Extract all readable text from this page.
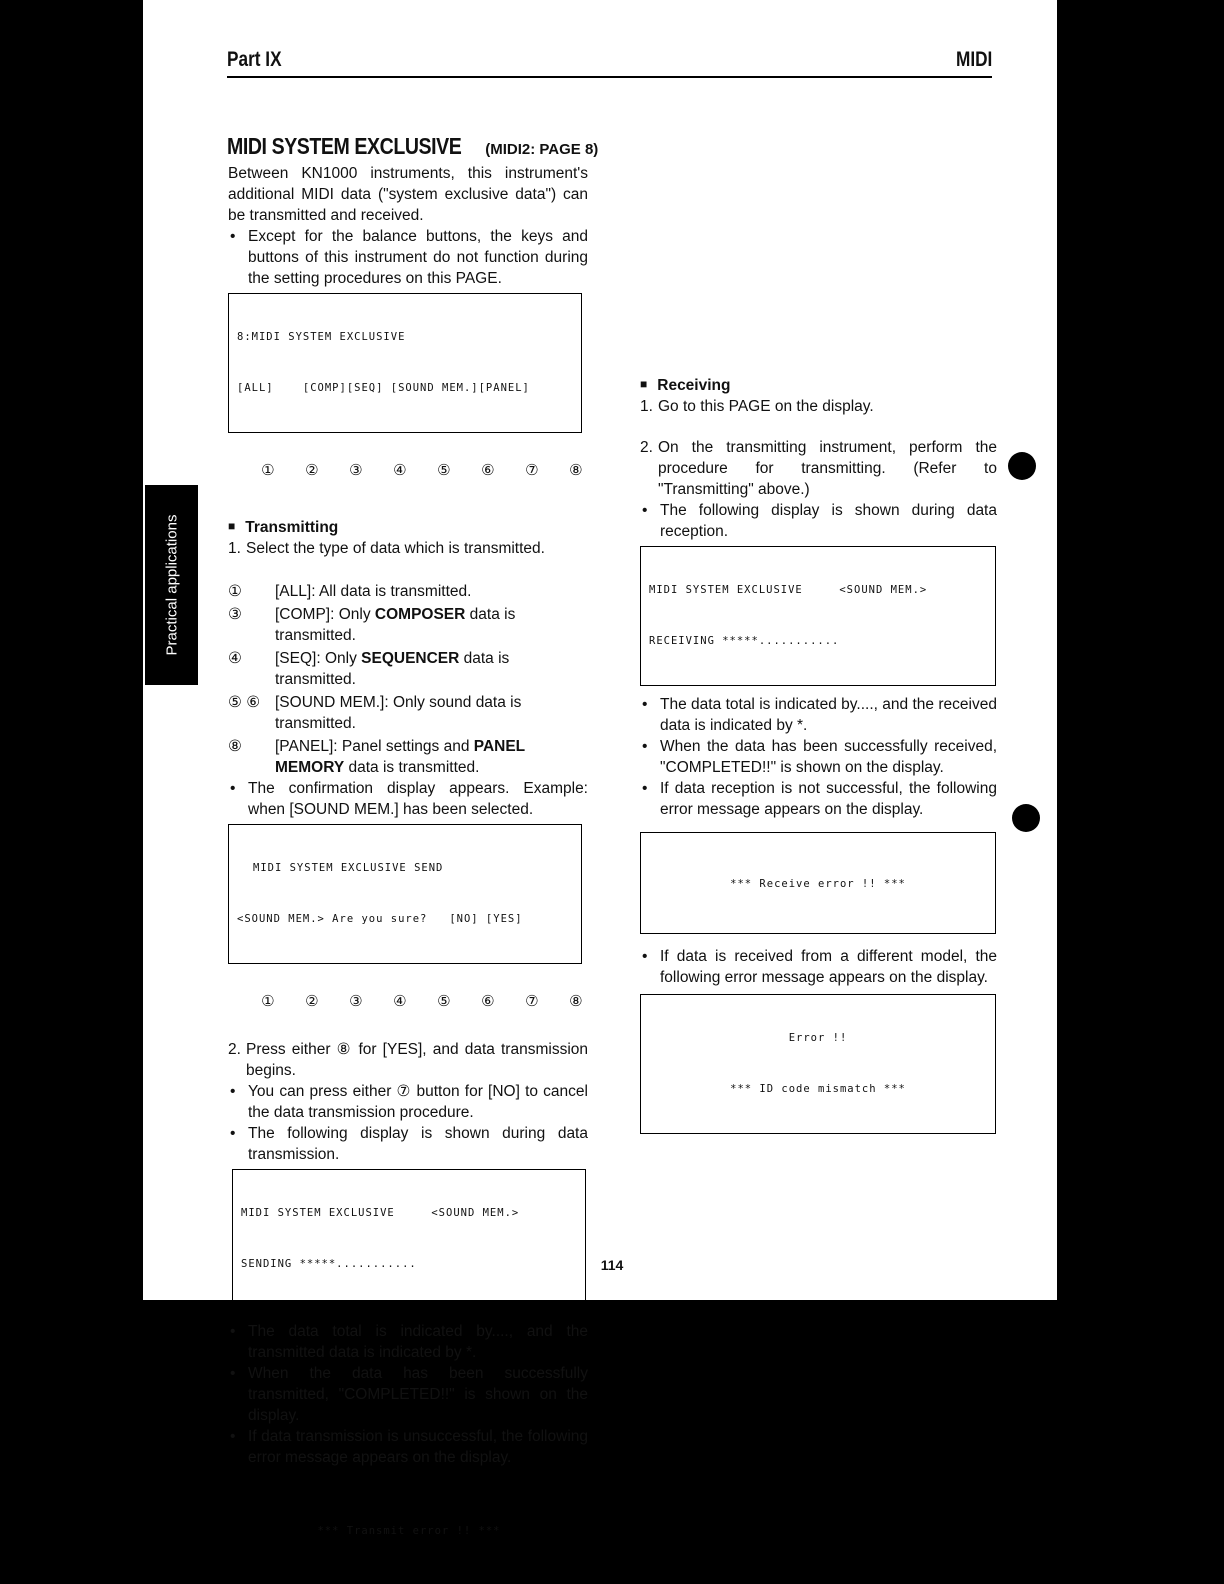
Practical applications
Part IX	MIDI
MIDI SYSTEM EXCLUSIVE (MIDI2: PAGE 8)

Between KN1000 instruments, this instrument's additional MIDI data ("system exclusive data") can be transmitted and received.

• Except for the balance buttons, the keys and buttons of this instrument do not function during the setting procedures on this PAGE.

8:MIDI SYSTEM EXCLUSIVE

[ALL]    [COMP][SEQ] [SOUND MEM.][PANEL]

① ② ③ ④ ⑤ ⑥ ⑦ ⑧

■ Transmitting

1. Select the type of data which is transmitted.

① [ALL]: All data is transmitted.

③ [COMP]: Only COMPOSER data is transmitted.

④ [SEQ]: Only SEQUENCER data is transmitted.

⑤ ⑥ [SOUND MEM.]: Only sound data is transmitted.

⑧ [PANEL]: Panel settings and PANEL MEMORY data is transmitted.

• The confirmation display appears. Example: when [SOUND MEM.] has been selected.

MIDI SYSTEM EXCLUSIVE SEND

<SOUND MEM.> Are you sure?   [NO] [YES]

① ② ③ ④ ⑤ ⑥ ⑦ ⑧

2. Press either ⑧ for [YES], and data transmission begins.

• You can press either ⑦ button for [NO] to cancel the data transmission procedure.

• The following display is shown during data transmission.

MIDI SYSTEM EXCLUSIVE     <SOUND MEM.>

SENDING *****...........

• The data total is indicated by...., and the transmitted data is indicated by *.

• When the data has been successfully transmitted, "COMPLETED!!" is shown on the display.

• If data transmission is unsuccessful, the following error message appears on the display.

*** Transmit error !! ***

■ Receiving

1. Go to this PAGE on the display.

2. On the transmitting instrument, perform the procedure for transmitting. (Refer to "Transmitting" above.)

• The following display is shown during data reception.

MIDI SYSTEM EXCLUSIVE     <SOUND MEM.>

RECEIVING *****...........

• The data total is indicated by...., and the received data is indicated by *.

• When the data has been successfully received, "COMPLETED!!" is shown on the display.

• If data reception is not successful, the following error message appears on the display.

*** Receive error !! ***

• If data is received from a different model, the following error message appears on the display.

Error !!

*** ID code mismatch ***

114
